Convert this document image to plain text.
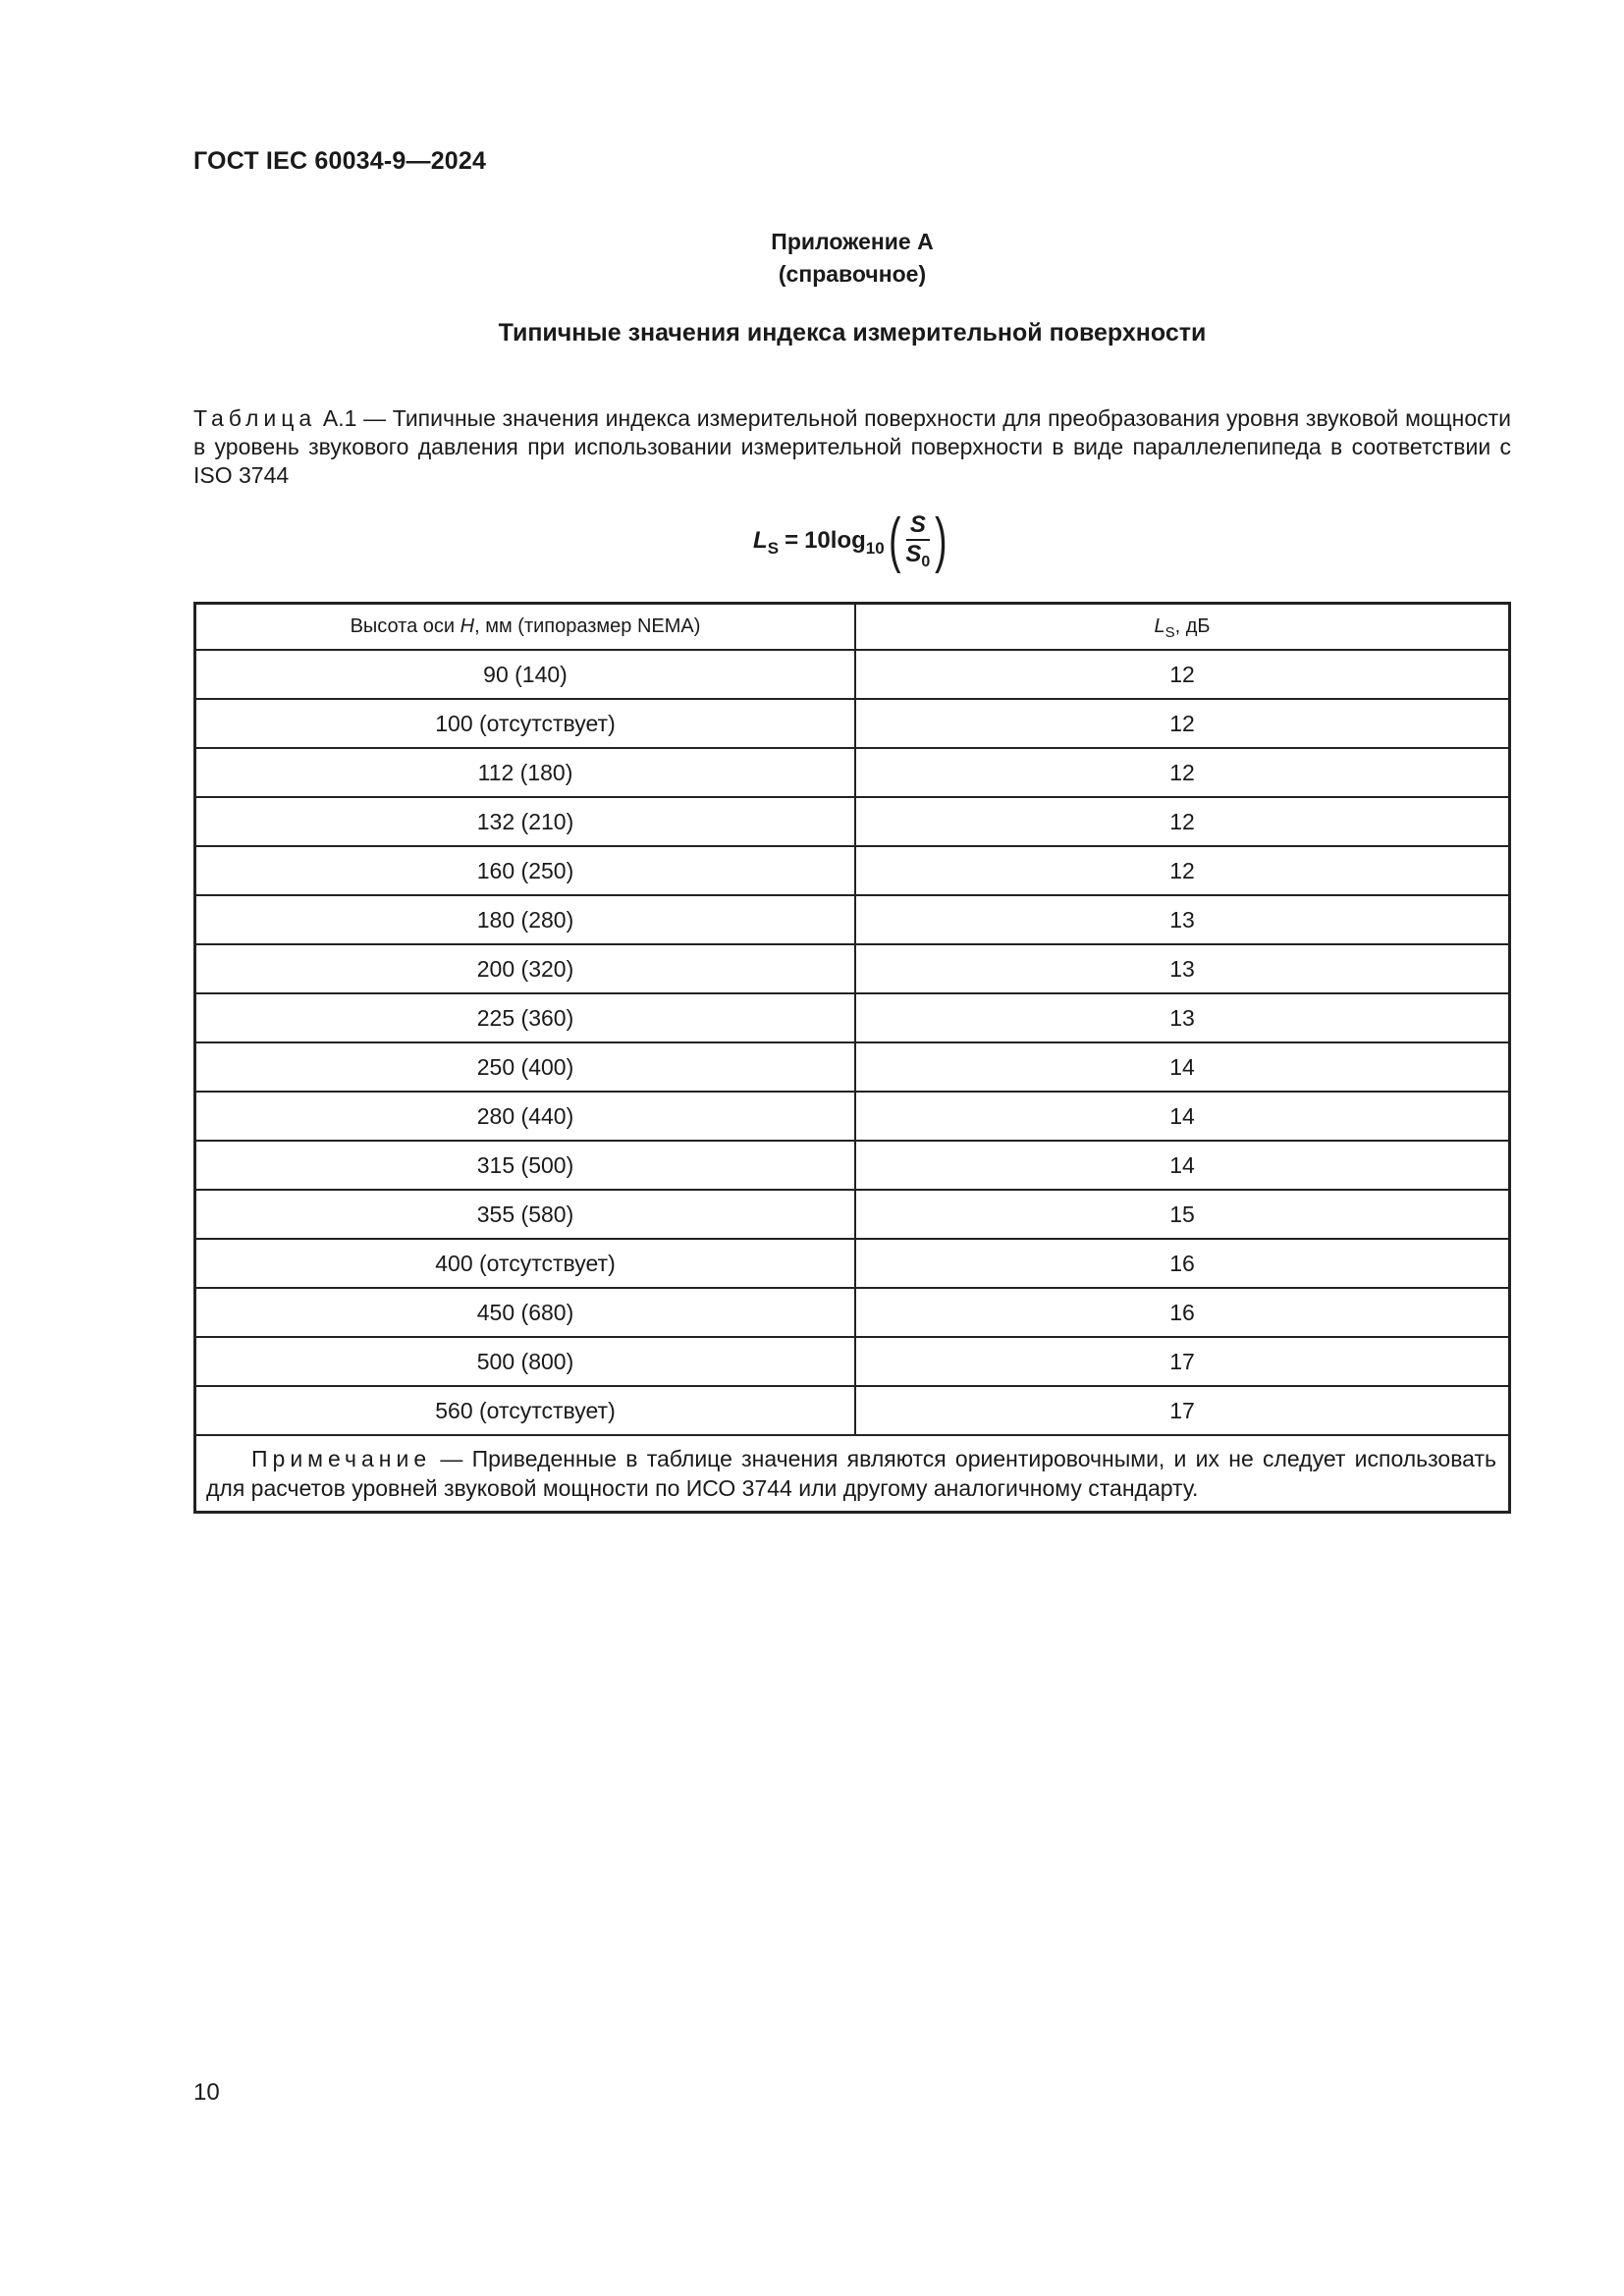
ГОСТ IEC 60034-9—2024
Приложение А
(справочное)
Типичные значения индекса измерительной поверхности
Таблица А.1 — Типичные значения индекса измерительной поверхности для преобразования уровня звуковой мощности в уровень звукового давления при использовании измерительной поверхности в виде параллелепипеда в соответствии с ISO 3744
L S = 10 log 10 ( $\frac{S}{S_0}$ )
Высота оси H, мм (типоразмер NEMA)	$L_S$, дБ
90 (140)	12
100 (отсутствует)	12
112 (180)	12
132 (210)	12
160 (250)	12
180 (280)	13
200 (320)	13
225 (360)	13
250 (400)	14
280 (440)	14
315 (500)	14
355 (580)	15
400 (отсутствует)	16
450 (680)	16
500 (800)	17
560 (отсутствует)	17
Примечание — Приведенные в таблице значения являются ориентировочными, и их не следует использовать для расчетов уровней звуковой мощности по ИСО 3744 или другому аналогичному стандарту.	
10
